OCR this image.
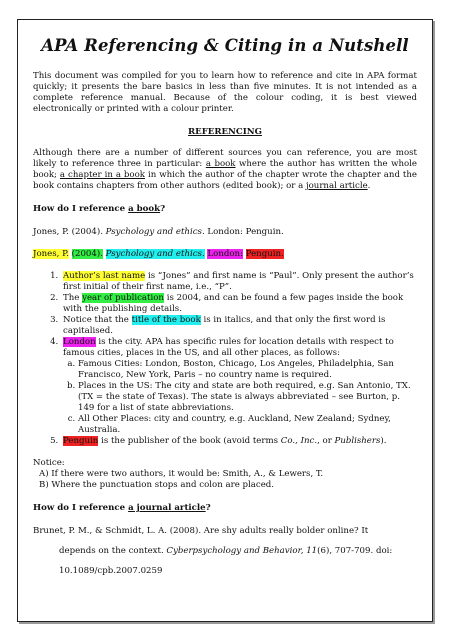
APA Referencing & Citing in a Nutshell

This document was compiled for you to learn how to reference and cite in APA format quickly; it presents the bare basics in less than five minutes. It is not intended as a complete reference manual. Because of the colour coding, it is best viewed electronically or printed with a colour printer.

REFERENCING

Although there are a number of different sources you can reference, you are most likely to reference three in particular: a book where the author has written the whole book; a chapter in a book in which the author of the chapter wrote the chapter and the book contains chapters from other authors (edited book); or a journal article.

How do I reference a book?

Jones, P. (2004). Psychology and ethics. London: Penguin.

Jones, P. (2004). Psychology and ethics. London: Penguin.

1. Author’s last name is “Jones” and first name is “Paul”. Only present the author’s first initial of their first name, i.e., “P”.
2. The year of publication is 2004, and can be found a few pages inside the book with the publishing details.
3. Notice that the title of the book is in italics, and that only the first word is capitalised.
4. London is the city. APA has specific rules for location details with respect to famous cities, places in the US, and all other places, as follows:
a. Famous Cities: London, Boston, Chicago, Los Angeles, Philadelphia, San Francisco, New York, Paris – no country name is required.
b. Places in the US: The city and state are both required, e.g. San Antonio, TX. (TX = the state of Texas). The state is always abbreviated – see Burton, p. 149 for a list of state abbreviations.
c. All Other Places: city and country, e.g. Auckland, New Zealand; Sydney, Australia.
5. Penguin is the publisher of the book (avoid terms Co., Inc., or Publishers).

Notice:

A) If there were two authors, it would be: Smith, A., & Lewers, T.

B) Where the punctuation stops and colon are placed.

How do I reference a journal article?

Brunet, P. M., & Schmidt, L. A. (2008). Are shy adults really bolder online? It

depends on the context. Cyberpsychology and Behavior, 11(6), 707-709. doi:

10.1089/cpb.2007.0259
